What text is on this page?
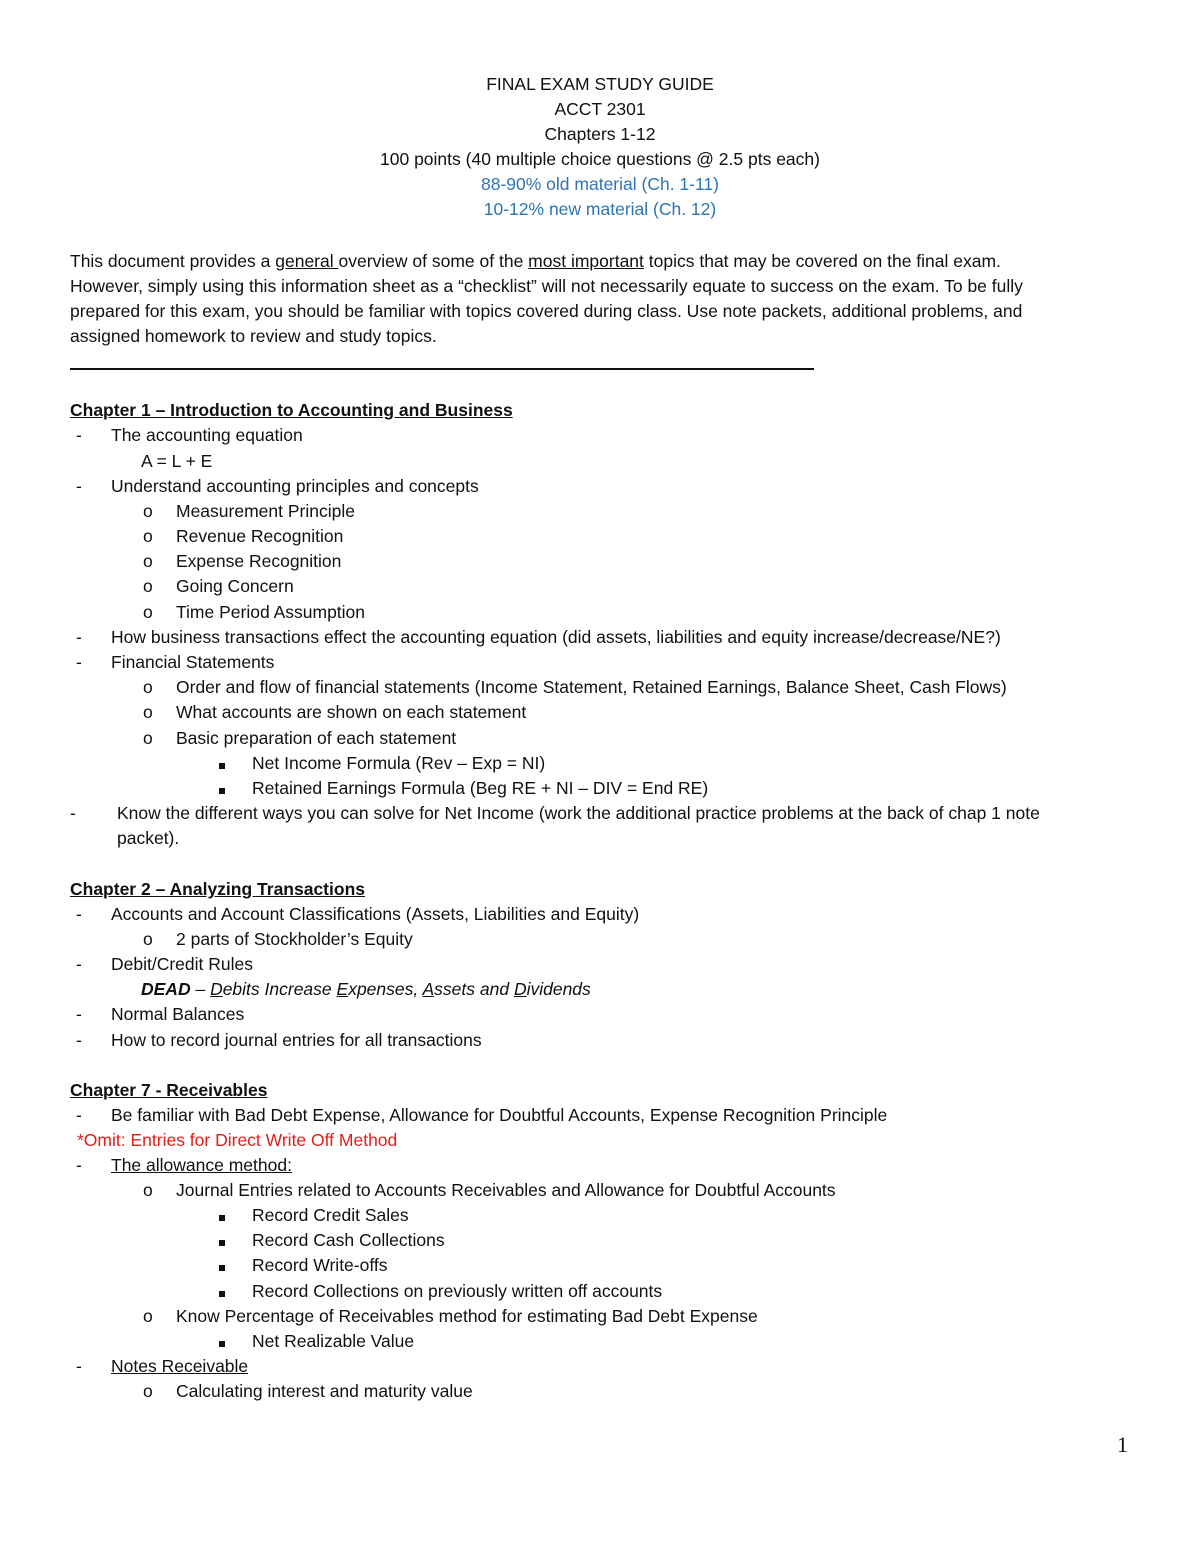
FINAL EXAM STUDY GUIDE
ACCT 2301
Chapters 1-12
100 points (40 multiple choice questions @ 2.5 pts each)
88-90% old material (Ch. 1-11)
10-12% new material (Ch. 12)
This document provides a general overview of some of the most important topics that may be covered on the final exam.
However, simply using this information sheet as a “checklist” will not necessarily equate to success on the exam. To be fully
prepared for this exam, you should be familiar with topics covered during class. Use note packets, additional problems, and
assigned homework to review and study topics.
Chapter 1 – Introduction to Accounting and Business
- The accounting equation
A = L + E
- Understand accounting principles and concepts
o Measurement Principle
o Revenue Recognition
o Expense Recognition
o Going Concern
o Time Period Assumption
- How business transactions effect the accounting equation (did assets, liabilities and equity increase/decrease/NE?)
- Financial Statements
o Order and flow of financial statements (Income Statement, Retained Earnings, Balance Sheet, Cash Flows)
o What accounts are shown on each statement
o Basic preparation of each statement
Net Income Formula (Rev – Exp = NI)
Retained Earnings Formula (Beg RE + NI – DIV = End RE)
- Know the different ways you can solve for Net Income (work the additional practice problems at the back of chap 1 note
packet).
Chapter 2 – Analyzing Transactions
- Accounts and Account Classifications (Assets, Liabilities and Equity)
o 2 parts of Stockholder’s Equity
- Debit/Credit Rules
DEAD – Debits Increase Expenses, Assets and Dividends
- Normal Balances
- How to record journal entries for all transactions
Chapter 7 - Receivables
- Be familiar with Bad Debt Expense, Allowance for Doubtful Accounts, Expense Recognition Principle
*Omit: Entries for Direct Write Off Method
- The allowance method:
o Journal Entries related to Accounts Receivables and Allowance for Doubtful Accounts
Record Credit Sales
Record Cash Collections
Record Write-offs
Record Collections on previously written off accounts
o Know Percentage of Receivables method for estimating Bad Debt Expense
Net Realizable Value
- Notes Receivable
o Calculating interest and maturity value
1
